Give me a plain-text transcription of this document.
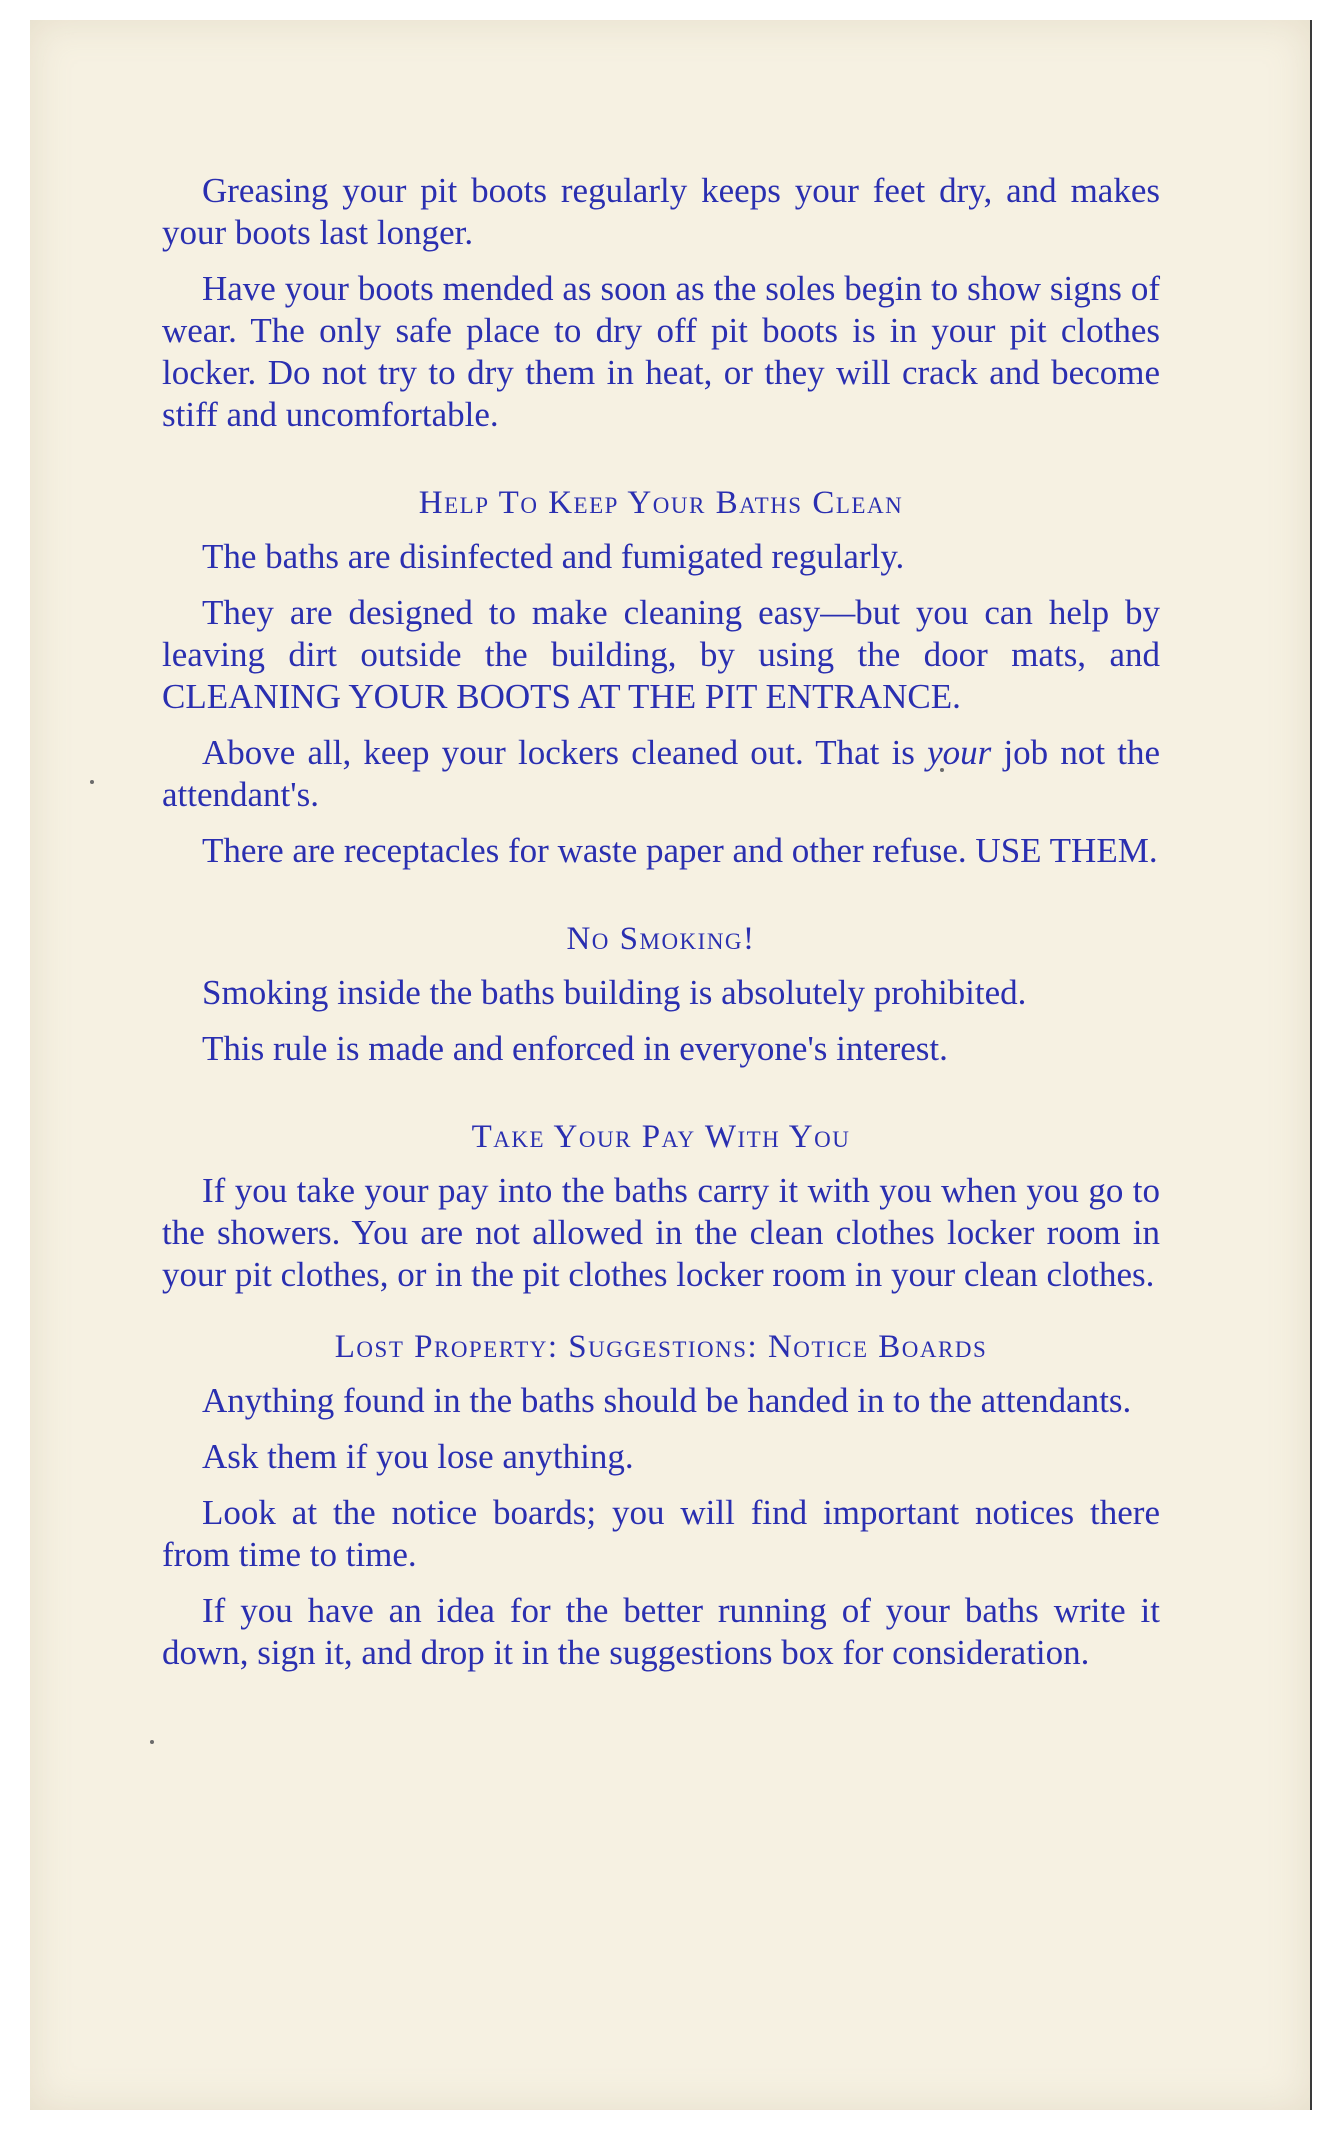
Greasing your pit boots regularly keeps your feet dry, and makes your boots last longer.

Have your boots mended as soon as the soles begin to show signs of wear. The only safe place to dry off pit boots is in your pit clothes locker. Do not try to dry them in heat, or they will crack and become stiff and uncomfortable.

Help To Keep Your Baths Clean

The baths are disinfected and fumigated regularly.

They are designed to make cleaning easy—but you can help by leaving dirt outside the building, by using the door mats, and CLEANING YOUR BOOTS AT THE PIT ENTRANCE.

Above all, keep your lockers cleaned out. That is your job not the attendant's.

There are receptacles for waste paper and other refuse. USE THEM.

No Smoking!

Smoking inside the baths building is absolutely prohibited.

This rule is made and enforced in everyone's interest.

Take Your Pay With You

If you take your pay into the baths carry it with you when you go to the showers. You are not allowed in the clean clothes locker room in your pit clothes, or in the pit clothes locker room in your clean clothes.

Lost Property: Suggestions: Notice Boards

Anything found in the baths should be handed in to the attendants.

Ask them if you lose anything.

Look at the notice boards; you will find important notices there from time to time.

If you have an idea for the better running of your baths write it down, sign it, and drop it in the suggestions box for consideration.
